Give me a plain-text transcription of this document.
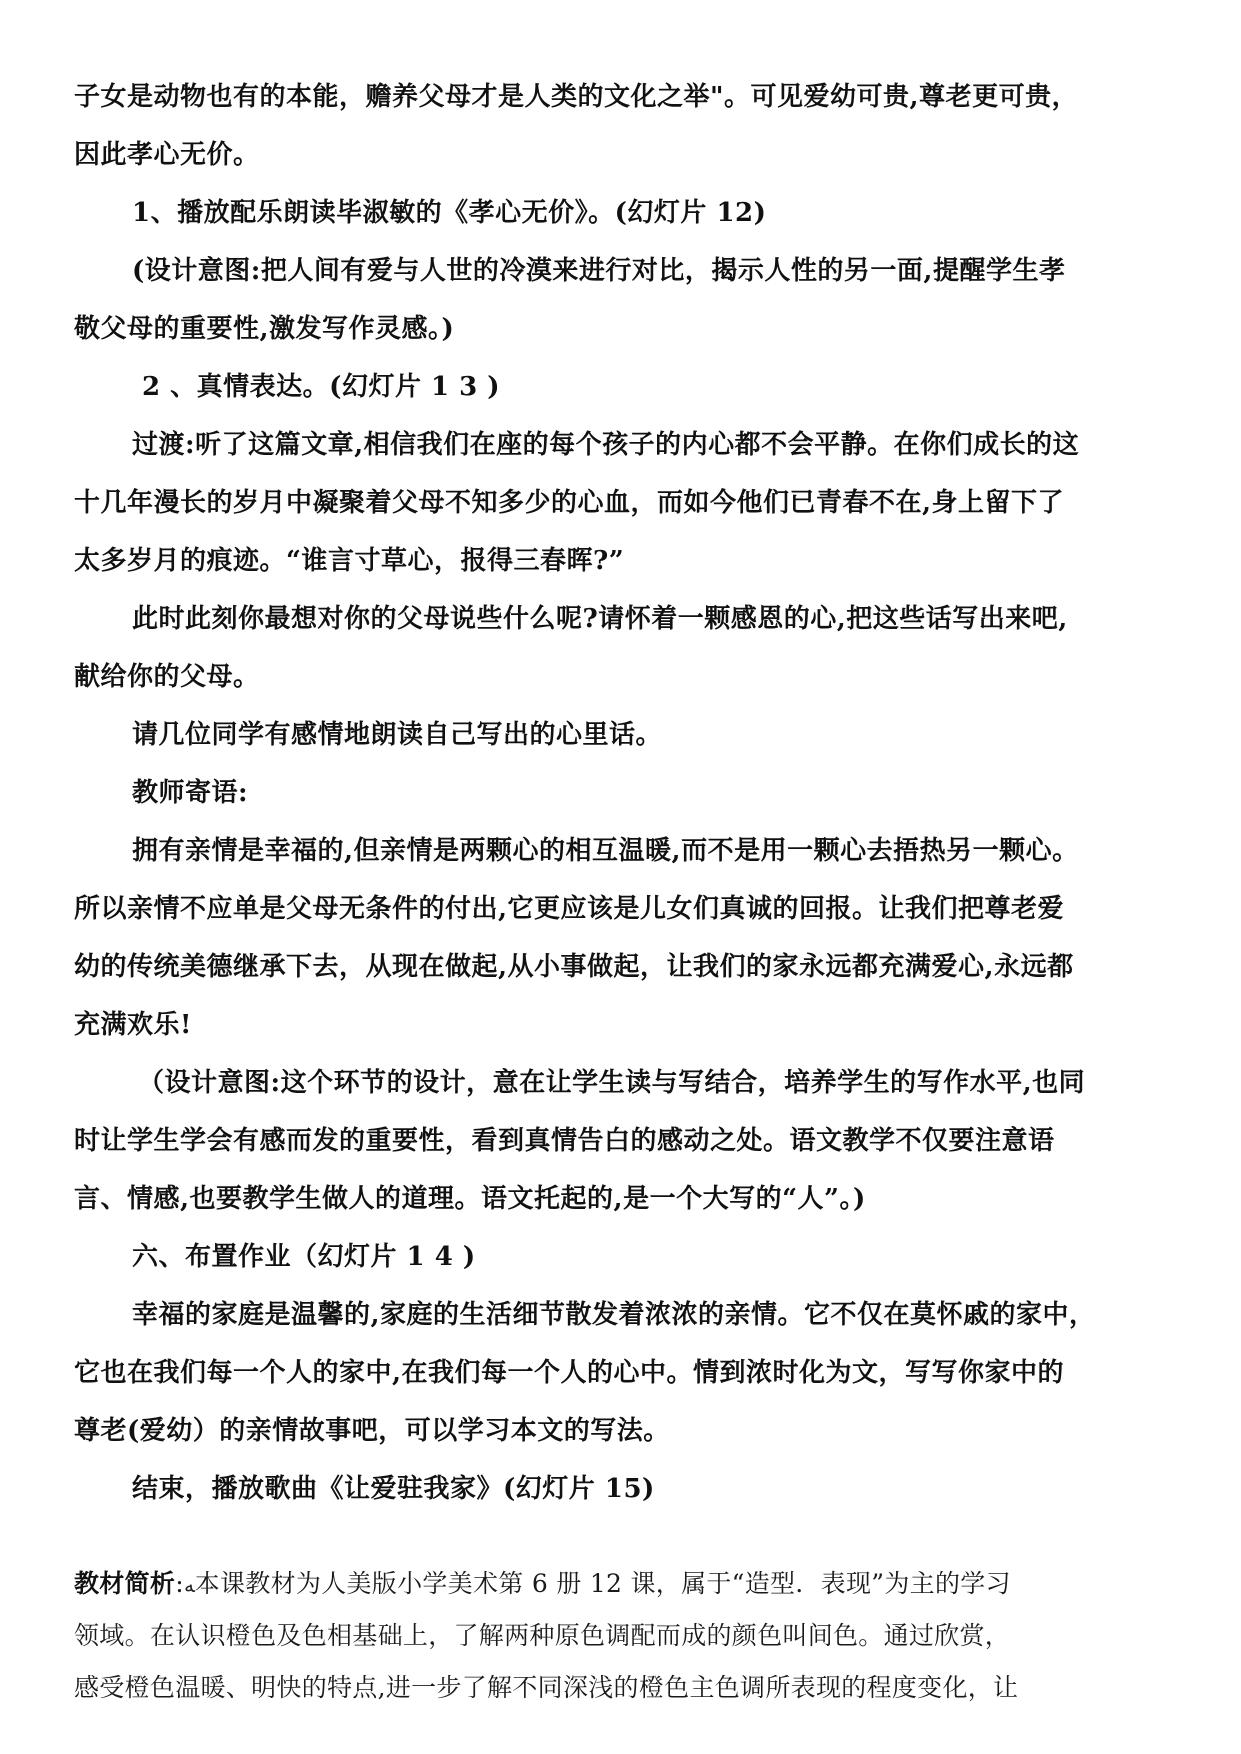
子女是动物也有的本能，赡养父母才是人类的文化之举"。可见爱幼可贵,尊老更可贵，
因此孝心无价。
1、播放配乐朗读毕淑敏的《孝心无价》。(幻灯片 12)
(设计意图:把人间有爱与人世的冷漠来进行对比，揭示人性的另一面,提醒学生孝
敬父母的重要性,激发写作灵感。)
2 、真情表达。(幻灯片 1 3 )
过渡:听了这篇文章,相信我们在座的每个孩子的内心都不会平静。在你们成长的这
十几年漫长的岁月中凝聚着父母不知多少的心血，而如今他们已青春不在,身上留下了
太多岁月的痕迹。“谁言寸草心，报得三春晖?”
此时此刻你最想对你的父母说些什么呢?请怀着一颗感恩的心,把这些话写出来吧,
献给你的父母。
请几位同学有感情地朗读自己写出的心里话。
教师寄语:
拥有亲情是幸福的,但亲情是两颗心的相互温暖,而不是用一颗心去捂热另一颗心。
所以亲情不应单是父母无条件的付出,它更应该是儿女们真诚的回报。让我们把尊老爱
幼的传统美德继承下去，从现在做起,从小事做起，让我们的家永远都充满爱心,永远都
充满欢乐!
（设计意图:这个环节的设计，意在让学生读与写结合，培养学生的写作水平,也同
时让学生学会有感而发的重要性，看到真情告白的感动之处。语文教学不仅要注意语
言、情感,也要教学生做人的道理。语文托起的,是一个大写的“人”。)
六、布置作业（幻灯片 1 4 )
幸福的家庭是温馨的,家庭的生活细节散发着浓浓的亲情。它不仅在莫怀戚的家中，
它也在我们每一个人的家中,在我们每一个人的心中。情到浓时化为文，写写你家中的
尊老(爱幼）的亲情故事吧，可以学习本文的写法。
结束，播放歌曲《让爱驻我家》(幻灯片 15)
教材简析:ﻪ本课教材为人美版小学美术第 6 册 12 课，属于“造型．表现”为主的学习
领域。在认识橙色及色相基础上，了解两种原色调配而成的颜色叫间色。通过欣赏，
感受橙色温暖、明快的特点,进一步了解不同深浅的橙色主色调所表现的程度变化，让
